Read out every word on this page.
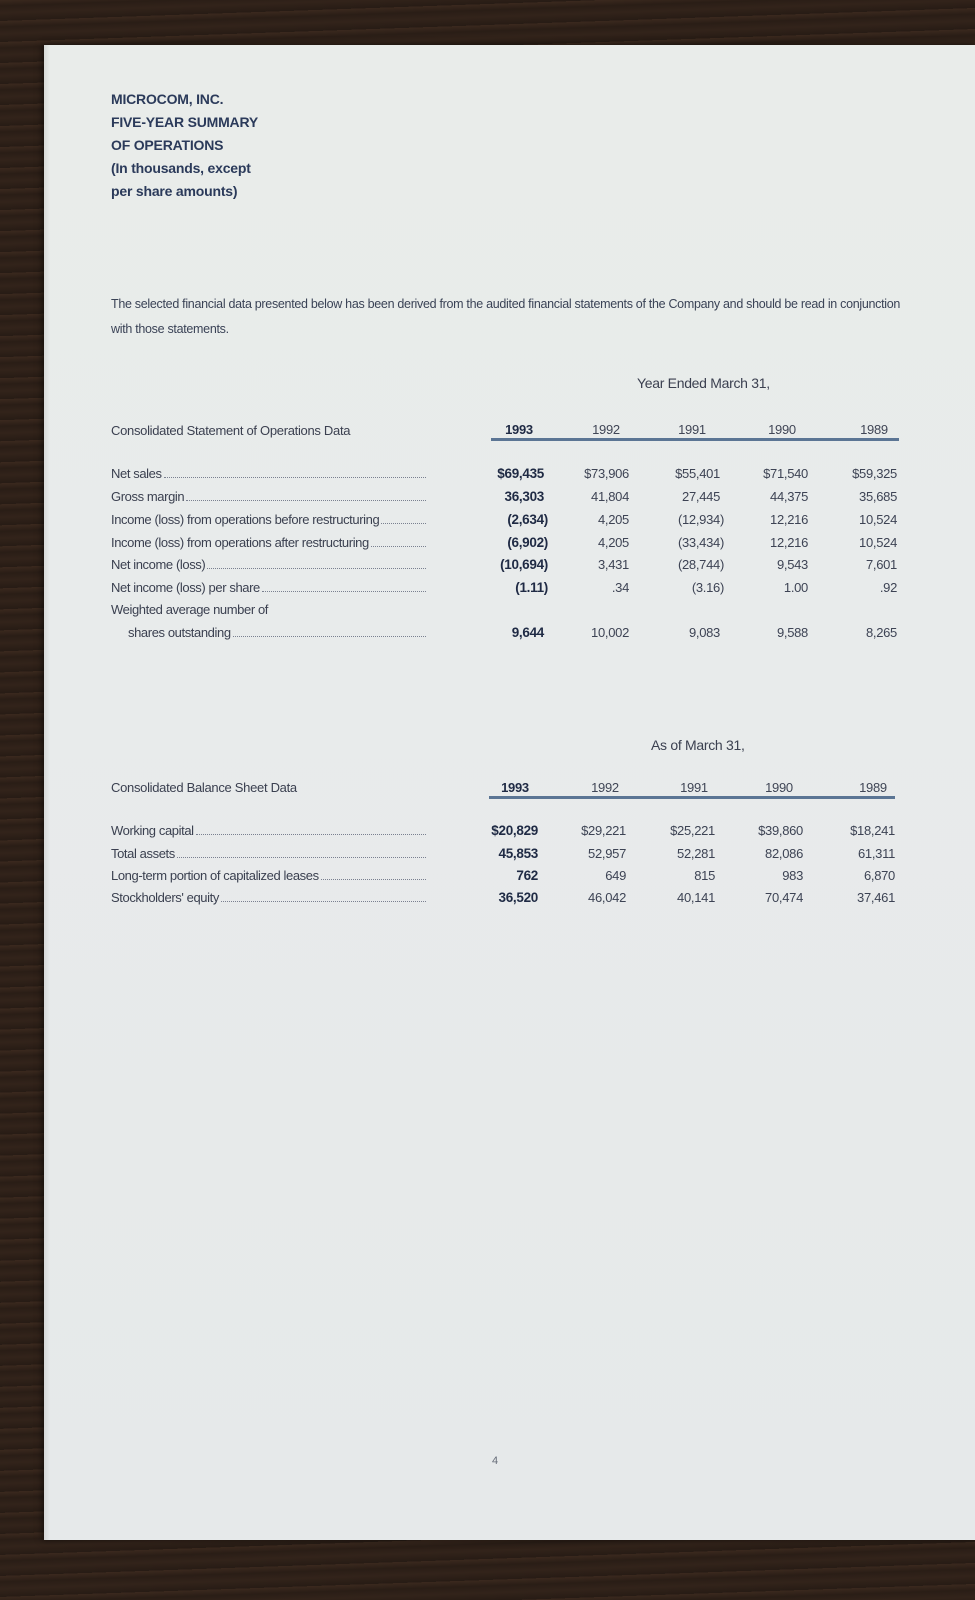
MICROCOM, INC.
FIVE-YEAR SUMMARY
OF OPERATIONS
(In thousands, except
per share amounts)
The selected financial data presented below has been derived from the audited financial statements of the Company and should be read in conjunction with those statements.
Year Ended March 31,
Consolidated Statement of Operations Data	1993	1992	1991	1990	1989
Net sales	$69,435	$73,906	$55,401	$71,540	$59,325
Gross margin	36,303	41,804	27,445	44,375	35,685
Income (loss) from operations before restructuring	(2,634)	4,205	(12,934)	12,216	10,524
Income (loss) from operations after restructuring	(6,902)	4,205	(33,434)	12,216	10,524
Net income (loss)	(10,694)	3,431	(28,744)	9,543	7,601
Net income (loss) per share	(1.11)	.34	(3.16)	1.00	.92
Weighted average number of
shares outstanding	9,644	10,002	9,083	9,588	8,265
As of March 31,
Consolidated Balance Sheet Data	1993	1992	1991	1990	1989
Working capital	$20,829	$29,221	$25,221	$39,860	$18,241
Total assets	45,853	52,957	52,281	82,086	61,311
Long-term portion of capitalized leases	762	649	815	983	6,870
Stockholders' equity	36,520	46,042	40,141	70,474	37,461
4
